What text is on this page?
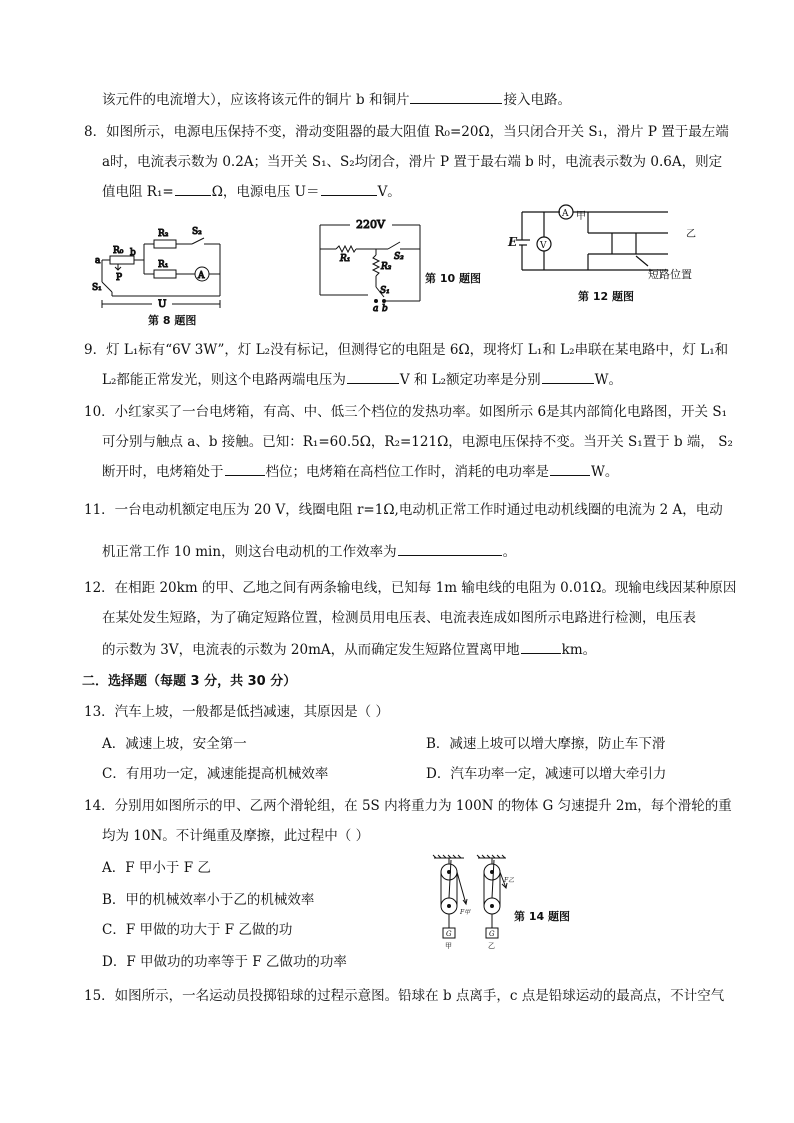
该元件的电流增大），应该将该元件的铜片 b 和铜片	接入电路。
8．如图所示，电源电压保持不变，滑动变阻器的最大阻值 R₀=20Ω，当只闭合开关 S₁，滑片 P 置于最左端
a时，电流表示数为 0.2A；当开关 S₁、S₂均闭合，滑片 P 置于最右端 b 时，电流表示数为 0.6A，则定
值电阻 R₁=	Ω，电源电压 U＝	V。
a
b
R₀
P
R₂	S₂
R₁
A
S₁
U
第 8 题图
220V
R₁
R₂
S₂
S₁
a b
第 10 题图
E
A
V
甲
乙
短路位置
第 12 题图
9．灯 L₁标有“6V 3W”，灯 L₂没有标记，但测得它的电阻是 6Ω，现将灯 L₁和 L₂串联在某电路中，灯 L₁和
L₂都能正常发光，则这个电路两端电压为	V 和 L₂额定功率是分别	W。
10．小红家买了一台电烤箱，有高、中、低三个档位的发热功率。如图所示 6是其内部简化电路图，开关 S₁
可分别与触点 a、b 接触。已知：R₁=60.5Ω，R₂=121Ω，电源电压保持不变。当开关 S₁置于 b 端， S₂
断开时，电烤箱处于	档位；电烤箱在高档位工作时，消耗的电功率是	W。
11．一台电动机额定电压为 20 V，线圈电阻 r=1Ω,电动机正常工作时通过电动机线圈的电流为 2 A，电动
机正常工作 10 min，则这台电动机的工作效率为	。
12．在相距 20km 的甲、乙地之间有两条输电线，已知每 1m 输电线的电阻为 0.01Ω。现输电线因某种原因
在某处发生短路，为了确定短路位置，检测员用电压表、电流表连成如图所示电路进行检测，电压表
的示数为 3V，电流表的示数为 20mA，从而确定发生短路位置离甲地	km。
二．选择题（每题 3 分，共 30 分）
13．汽车上坡，一般都是低挡减速，其原因是（ ）
A．减速上坡，安全第一	B．减速上坡可以增大摩擦，防止车下滑
C．有用功一定，减速能提高机械效率	D．汽车功率一定，减速可以增大牵引力
14．分别用如图所示的甲、乙两个滑轮组，在 5S 内将重力为 100N 的物体 G 匀速提升 2m，每个滑轮的重
均为 10N。不计绳重及摩擦，此过程中（ ）
A．F 甲小于 F 乙
B．甲的机械效率小于乙的机械效率
C．F 甲做的功大于 F 乙做的功
D．F 甲做功的功率等于 F 乙做功的功率
F甲
F乙
G	G
甲	乙
第 14 题图
15．如图所示，一名运动员投掷铅球的过程示意图。铅球在 b 点离手，c 点是铅球运动的最高点，不计空气
